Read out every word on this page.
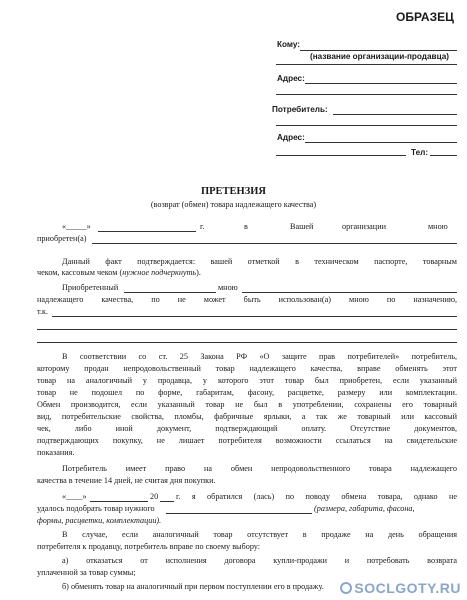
ОБРАЗЕЦ
Кому:
(название организации-продавца)
Адрес:
Потребитель:
Адрес:
Тел:
ПРЕТЕНЗИЯ
(возврат (обмен) товара надлежащего качества)
«_____»	г.	в	Вашей	организации	мною
приобретен(а)
Данный факт подтверждается: вашей отметкой в техническом паспорте, товарным
чеком, кассовым чеком (нужное подчеркнуть).
Приобретенный	мною
надлежащего качества, по не может быть использован(а) мною по назначению,
т.к.
В соответствии со ст. 25 Закона РФ «О защите прав потребителей» потребитель,
которому продан непродовольственный товар надлежащего качества, вправе обменять этот
товар на аналогичный у продавца, у которого этот товар был приобретен, если указанный
товар не подошел по форме, габаритам, фасону, расцветке, размеру или комплектации.
Обмен производится, если указанный товар не был в употреблении, сохранены его товарный
вид, потребительские свойства, пломбы, фабричные ярлыки, а так же товарный или кассовый
чек, либо иной документ, подтверждающий оплату. Отсутствие документов,
подтверждающих покупку, не лишает потребителя возможности ссылаться на свидетельские
показания.
Потребитель имеет право на обмен непродовольственного товара надлежащего
качества в течение 14 дней, не считая дня покупки.
«____»	20 г. я обратился (лась) по поводу обмена товара, однако не
удалось подобрать товар нужного	(размера, габарита, фасона,
формы, расцветки, комплектации).
В случае, если аналогичный товар отсутствует в продаже на день обращения
потребителя к продавцу, потребитель вправе по своему выбору:
а) отказаться от исполнения договора купли-продажи и потребовать возврата
уплаченной за товар суммы;
б) обменять товар на аналогичный при первом поступлении его в продажу. SOCLGOTY.RU
